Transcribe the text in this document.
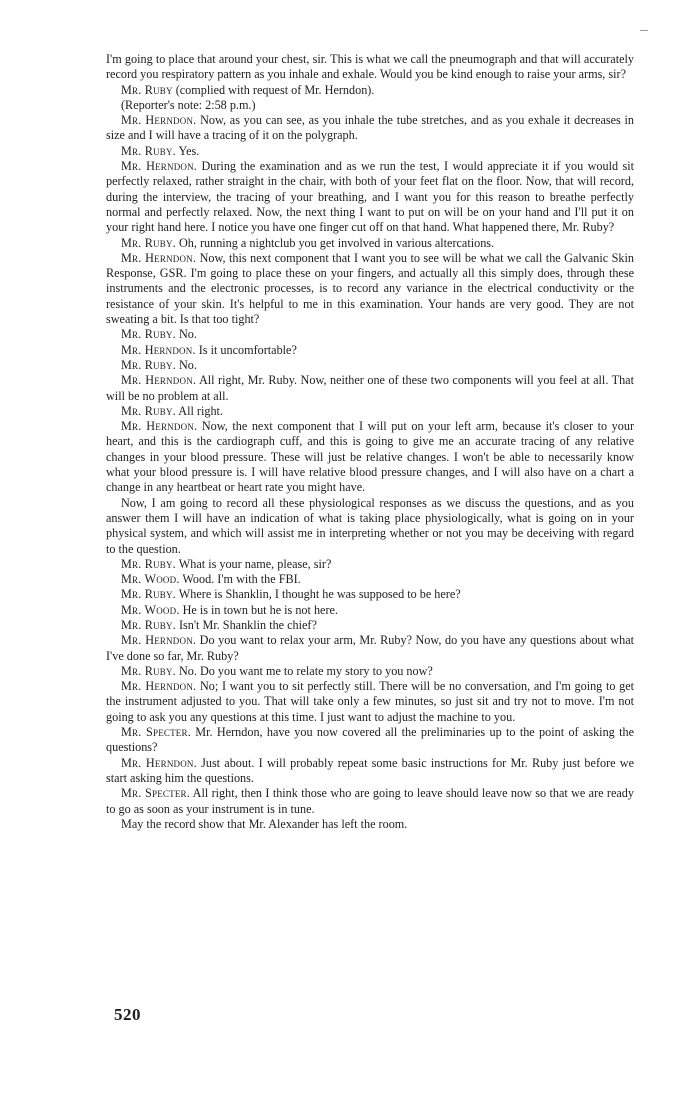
I'm going to place that around your chest, sir. This is what we call the pneumograph and that will accurately record you respiratory pattern as you inhale and exhale. Would you be kind enough to raise your arms, sir?

Mr. Ruby (complied with request of Mr. Herndon).

(Reporter's note: 2:58 p.m.)

Mr. Herndon. Now, as you can see, as you inhale the tube stretches, and as you exhale it decreases in size and I will have a tracing of it on the polygraph.

Mr. Ruby. Yes.

Mr. Herndon. During the examination and as we run the test, I would appreciate it if you would sit perfectly relaxed, rather straight in the chair, with both of your feet flat on the floor. Now, that will record, during the interview, the tracing of your breathing, and I want you for this reason to breathe perfectly normal and perfectly relaxed. Now, the next thing I want to put on will be on your hand and I'll put it on your right hand here. I notice you have one finger cut off on that hand. What happened there, Mr. Ruby?

Mr. Ruby. Oh, running a nightclub you get involved in various altercations.

Mr. Herndon. Now, this next component that I want you to see will be what we call the Galvanic Skin Response, GSR. I'm going to place these on your fingers, and actually all this simply does, through these instruments and the electronic processes, is to record any variance in the electrical conductivity or the resistance of your skin. It's helpful to me in this examination. Your hands are very good. They are not sweating a bit. Is that too tight?

Mr. Ruby. No.

Mr. Herndon. Is it uncomfortable?

Mr. Ruby. No.

Mr. Herndon. All right, Mr. Ruby. Now, neither one of these two components will you feel at all. That will be no problem at all.

Mr. Ruby. All right.

Mr. Herndon. Now, the next component that I will put on your left arm, because it's closer to your heart, and this is the cardiograph cuff, and this is going to give me an accurate tracing of any relative changes in your blood pressure. These will just be relative changes. I won't be able to necessarily know what your blood pressure is. I will have relative blood pressure changes, and I will also have on a chart a change in any heartbeat or heart rate you might have.

Now, I am going to record all these physiological responses as we discuss the questions, and as you answer them I will have an indication of what is taking place physiologically, what is going on in your physical system, and which will assist me in interpreting whether or not you may be deceiving with regard to the question.

Mr. Ruby. What is your name, please, sir?

Mr. Wood. Wood. I'm with the FBI.

Mr. Ruby. Where is Shanklin, I thought he was supposed to be here?

Mr. Wood. He is in town but he is not here.

Mr. Ruby. Isn't Mr. Shanklin the chief?

Mr. Herndon. Do you want to relax your arm, Mr. Ruby? Now, do you have any questions about what I've done so far, Mr. Ruby?

Mr. Ruby. No. Do you want me to relate my story to you now?

Mr. Herndon. No; I want you to sit perfectly still. There will be no conversation, and I'm going to get the instrument adjusted to you. That will take only a few minutes, so just sit and try not to move. I'm not going to ask you any questions at this time. I just want to adjust the machine to you.

Mr. Specter. Mr. Herndon, have you now covered all the preliminaries up to the point of asking the questions?

Mr. Herndon. Just about. I will probably repeat some basic instructions for Mr. Ruby just before we start asking him the questions.

Mr. Specter. All right, then I think those who are going to leave should leave now so that we are ready to go as soon as your instrument is in tune.

May the record show that Mr. Alexander has left the room.

520
